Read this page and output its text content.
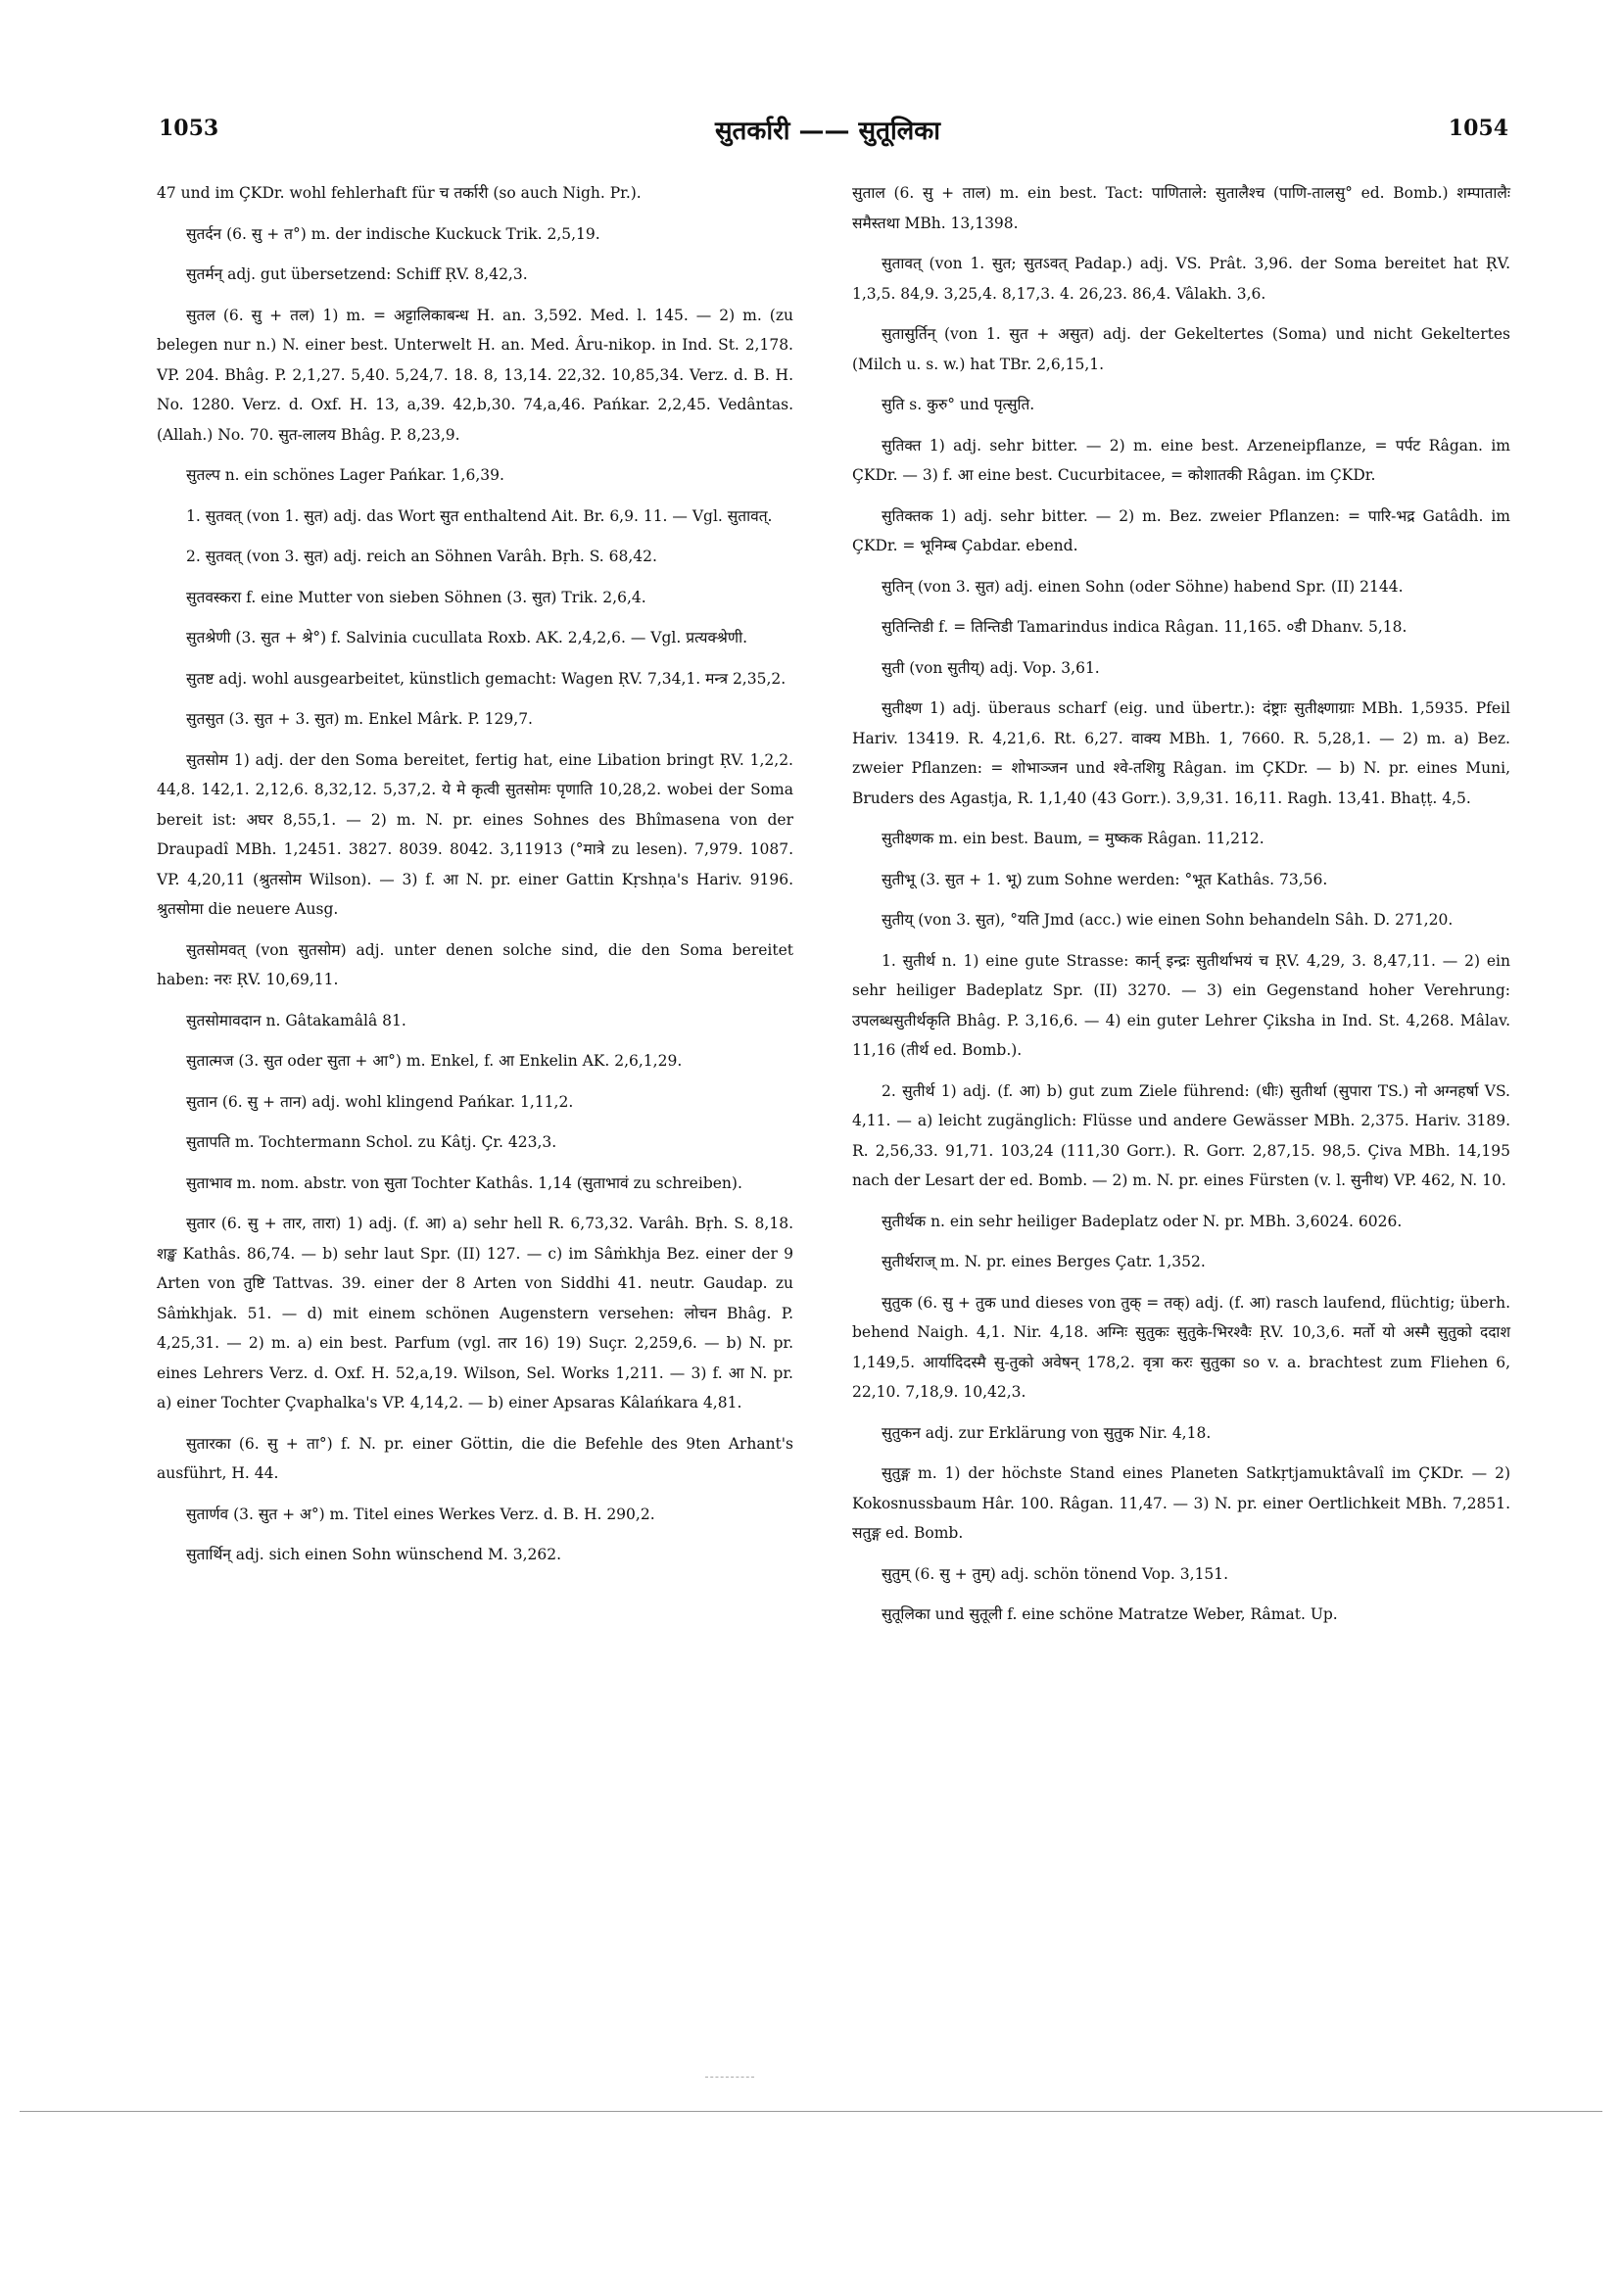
1053	सुतर्कारी —— सुतूलिका	1054

47 und im ÇKDr. wohl fehlerhaft für च तर्कारी (so auch Nigh. Pr.).

सुतर्दन (6. सु + त°) m. der indische Kuckuck Trik. 2,5,19.

सुतर्मन् adj. gut übersetzend: Schiff ṚV. 8,42,3.

सुतल (6. सु + तल) 1) m. = अट्टालिकाबन्ध H. an. 3,592. Med. l. 145. — 2) m. (zu belegen nur n.) N. einer best. Unterwelt H. an. Med. Âru-nikop. in Ind. St. 2,178. VP. 204. Bhâg. P. 2,1,27. 5,40. 5,24,7. 18. 8, 13,14. 22,32. 10,85,34. Verz. d. B. H. No. 1280. Verz. d. Oxf. H. 13, a,39. 42,b,30. 74,a,46. Pańkar. 2,2,45. Vedântas. (Allah.) No. 70. सुत-लालय Bhâg. P. 8,23,9.

सुतल्प n. ein schönes Lager Pańkar. 1,6,39.

1. सुतवत् (von 1. सुत) adj. das Wort सुत enthaltend Ait. Br. 6,9. 11. — Vgl. सुतावत्.

2. सुतवत् (von 3. सुत) adj. reich an Söhnen Varâh. Bṛh. S. 68,42.

सुतवस्करा f. eine Mutter von sieben Söhnen (3. सुत) Trik. 2,6,4.

सुतश्रेणी (3. सुत + श्रे°) f. Salvinia cucullata Roxb. AK. 2,4,2,6. — Vgl. प्रत्यक्श्रेणी.

सुतष्ट adj. wohl ausgearbeitet, künstlich gemacht: Wagen ṚV. 7,34,1. मन्त्र 2,35,2.

सुतसुत (3. सुत + 3. सुत) m. Enkel Mârk. P. 129,7.

सुतसोम 1) adj. der den Soma bereitet, fertig hat, eine Libation bringt ṚV. 1,2,2. 44,8. 142,1. 2,12,6. 8,32,12. 5,37,2. ये मे कृत्वी सुतसोमः पृणाति 10,28,2. wobei der Soma bereit ist: अघर 8,55,1. — 2) m. N. pr. eines Sohnes des Bhîmasena von der Draupadî MBh. 1,2451. 3827. 8039. 8042. 3,11913 (°मात्रे zu lesen). 7,979. 1087. VP. 4,20,11 (श्रुतसोम Wilson). — 3) f. आ N. pr. einer Gattin Kṛshṇa's Hariv. 9196. श्रुतसोमा die neuere Ausg.

सुतसोमवत् (von सुतसोम) adj. unter denen solche sind, die den Soma bereitet haben: नरः ṚV. 10,69,11.

सुतसोमावदान n. Gâtakamâlâ 81.

सुतात्मज (3. सुत oder सुता + आ°) m. Enkel, f. आ Enkelin AK. 2,6,1,29.

सुतान (6. सु + तान) adj. wohl klingend Pańkar. 1,11,2.

सुतापति m. Tochtermann Schol. zu Kâtj. Çr. 423,3.

सुताभाव m. nom. abstr. von सुता Tochter Kathâs. 1,14 (सुताभावं zu schreiben).

सुतार (6. सु + तार, तारा) 1) adj. (f. आ) a) sehr hell R. 6,73,32. Varâh. Bṛh. S. 8,18. शङ्ख Kathâs. 86,74. — b) sehr laut Spr. (II) 127. — c) im Sâṁkhja Bez. einer der 9 Arten von तुष्टि Tattvas. 39. einer der 8 Arten von Siddhi 41. neutr. Gaudap. zu Sâṁkhjak. 51. — d) mit einem schönen Augenstern versehen: लोचन Bhâg. P. 4,25,31. — 2) m. a) ein best. Parfum (vgl. तार 16) 19) Suçr. 2,259,6. — b) N. pr. eines Lehrers Verz. d. Oxf. H. 52,a,19. Wilson, Sel. Works 1,211. — 3) f. आ N. pr. a) einer Tochter Çvaphalka's VP. 4,14,2. — b) einer Apsaras Kâlańkara 4,81.

सुतारका (6. सु + ता°) f. N. pr. einer Göttin, die die Befehle des 9ten Arhant's ausführt, H. 44.

सुतार्णव (3. सुत + अ°) m. Titel eines Werkes Verz. d. B. H. 290,2.

सुतार्थिन् adj. sich einen Sohn wünschend M. 3,262.

सुताल (6. सु + ताल) m. ein best. Tact: पाणिताले: सुतालैश्च (पाणि-तालसु° ed. Bomb.) शम्पातालैः समैस्तथा MBh. 13,1398.

सुतावत् (von 1. सुत; सुतऽवत् Padap.) adj. VS. Prât. 3,96. der Soma bereitet hat ṚV. 1,3,5. 84,9. 3,25,4. 8,17,3. 4. 26,23. 86,4. Vâlakh. 3,6.

सुतासुर्तिन् (von 1. सुत + असुत) adj. der Gekeltertes (Soma) und nicht Gekeltertes (Milch u. s. w.) hat TBr. 2,6,15,1.

सुति s. कुरु° und पृत्सुति.

सुतिक्त 1) adj. sehr bitter. — 2) m. eine best. Arzeneipflanze, = पर्पट Râgan. im ÇKDr. — 3) f. आ eine best. Cucurbitacee, = कोशातकी Râgan. im ÇKDr.

सुतिक्तक 1) adj. sehr bitter. — 2) m. Bez. zweier Pflanzen: = पारि-भद्र Gatâdh. im ÇKDr. = भूनिम्ब Çabdar. ebend.

सुतिन् (von 3. सुत) adj. einen Sohn (oder Söhne) habend Spr. (II) 2144.

सुतिन्तिडी f. = तिन्तिडी Tamarindus indica Râgan. 11,165. ०डी Dhanv. 5,18.

सुती (von सुतीय्) adj. Vop. 3,61.

सुतीक्ष्ण 1) adj. überaus scharf (eig. und übertr.): दंष्ट्राः सुतीक्ष्णाग्राः MBh. 1,5935. Pfeil Hariv. 13419. R. 4,21,6. Rt. 6,27. वाक्य MBh. 1, 7660. R. 5,28,1. — 2) m. a) Bez. zweier Pflanzen: = शोभाञ्जन und श्वे-तशिग्रु Râgan. im ÇKDr. — b) N. pr. eines Muni, Bruders des Agastja, R. 1,1,40 (43 Gorr.). 3,9,31. 16,11. Ragh. 13,41. Bhaṭṭ. 4,5.

सुतीक्ष्णक m. ein best. Baum, = मुष्कक Râgan. 11,212.

सुतीभू (3. सुत + 1. भू) zum Sohne werden: °भूत Kathâs. 73,56.

सुतीय् (von 3. सुत), °यति Jmd (acc.) wie einen Sohn behandeln Sâh. D. 271,20.

1. सुतीर्थ n. 1) eine gute Strasse: कार्न् इन्द्रः सुतीर्थाभयं च ṚV. 4,29, 3. 8,47,11. — 2) ein sehr heiliger Badeplatz Spr. (II) 3270. — 3) ein Gegenstand hoher Verehrung: उपलब्धसुतीर्थकृति Bhâg. P. 3,16,6. — 4) ein guter Lehrer Çiksha in Ind. St. 4,268. Mâlav. 11,16 (तीर्थ ed. Bomb.).

2. सुतीर्थ 1) adj. (f. आ) b) gut zum Ziele führend: (धीः) सुतीर्था (सुपारा TS.) नो अग्नहर्षा VS. 4,11. — a) leicht zugänglich: Flüsse und andere Gewässer MBh. 2,375. Hariv. 3189. R. 2,56,33. 91,71. 103,24 (111,30 Gorr.). R. Gorr. 2,87,15. 98,5. Çiva MBh. 14,195 nach der Lesart der ed. Bomb. — 2) m. N. pr. eines Fürsten (v. l. सुनीथ) VP. 462, N. 10.

सुतीर्थक n. ein sehr heiliger Badeplatz oder N. pr. MBh. 3,6024. 6026.

सुतीर्थराज् m. N. pr. eines Berges Çatr. 1,352.

सुतुक (6. सु + तुक und dieses von तुक् = तक्) adj. (f. आ) rasch laufend, flüchtig; überh. behend Naigh. 4,1. Nir. 4,18. अग्निः सुतुकः सुतुके-भिरश्वैः ṚV. 10,3,6. मर्तो यो अस्मै सुतुको ददाश 1,149,5. आर्यादिदस्मै सु-तुको अवेषन् 178,2. वृत्रा करः सुतुका so v. a. brachtest zum Fliehen 6, 22,10. 7,18,9. 10,42,3.

सुतुकन adj. zur Erklärung von सुतुक Nir. 4,18.

सुतुङ्ग m. 1) der höchste Stand eines Planeten Satkṛtjamuktâvalî im ÇKDr. — 2) Kokosnussbaum Hâr. 100. Râgan. 11,47. — 3) N. pr. einer Oertlichkeit MBh. 7,2851. सतुङ्ग ed. Bomb.

सुतुम् (6. सु + तुम्) adj. schön tönend Vop. 3,151.

सुतूलिका und सुतूली f. eine schöne Matratze Weber, Râmat. Up.
